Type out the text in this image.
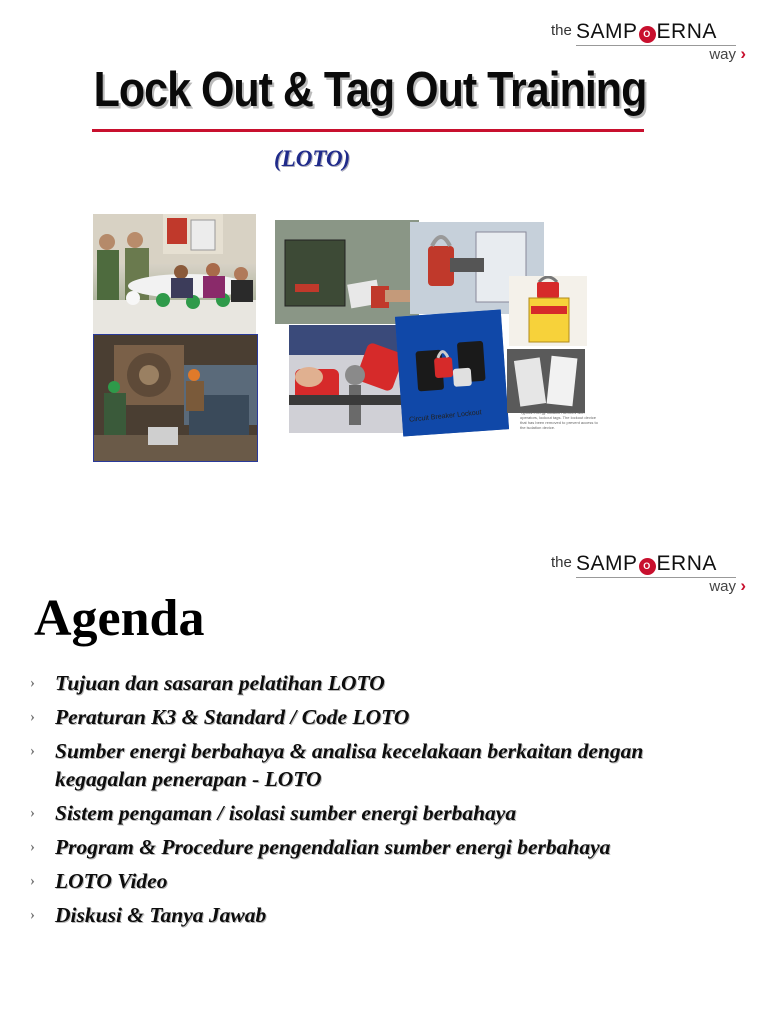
the SAMP O ERNA
way ›
Lock Out & Tag Out Training
(LOTO)
Circuit Breaker Lockout	Typical energy isolation devices with operators, lockout tags. The lockout device that has been removed to prevent access to the isolation device.
the SAMP O ERNA
way ›
Agenda
› Tujuan dan sasaran pelatihan LOTO
› Peraturan K3 & Standard / Code LOTO
› Sumber energi berbahaya & analisa kecelakaan berkaitan dengan kegagalan penerapan - LOTO
› Sistem pengaman / isolasi sumber energi berbahaya
› Program & Procedure pengendalian sumber energi berbahaya
› LOTO Video
› Diskusi & Tanya Jawab
